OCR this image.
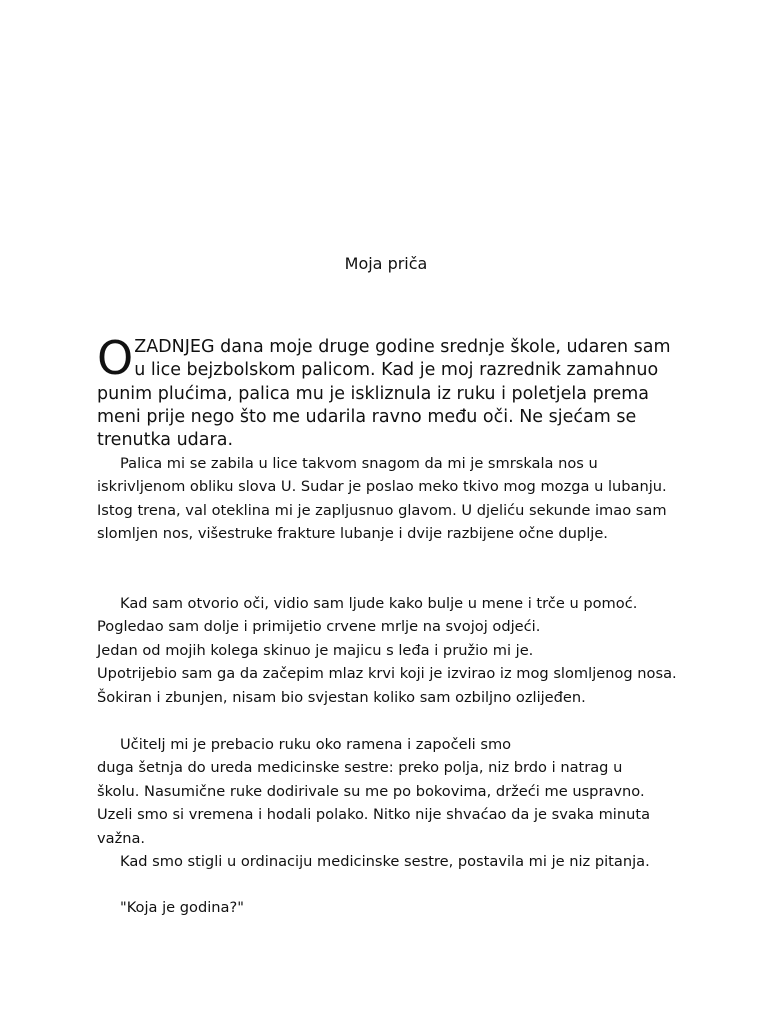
Moja priča
OZADNJEG dana moje druge godine srednje škole, udaren sam u lice bejzbolskom palicom. Kad je moj razrednik zamahnuo punim plućima, palica mu je iskliznula iz ruku i poletjela prema meni prije nego što me udarila ravno među oči. Ne sjećam se trenutka udara.

Palica mi se zabila u lice takvom snagom da mi je smrskala nos u

iskrivljenom obliku slova U. Sudar je poslao meko tkivo mog mozga u lubanju.

Istog trena, val oteklina mi je zapljusnuo glavom. U djeliću sekunde imao sam

slomljen nos, višestruke frakture lubanje i dvije razbijene očne duplje.

Kad sam otvorio oči, vidio sam ljude kako bulje u mene i trče u pomoć.

Pogledao sam dolje i primijetio crvene mrlje na svojoj odjeći.

Jedan od mojih kolega skinuo je majicu s leđa i pružio mi je.

Upotrijebio sam ga da začepim mlaz krvi koji je izvirao iz mog slomljenog nosa.

Šokiran i zbunjen, nisam bio svjestan koliko sam ozbiljno ozlijeđen.

Učitelj mi je prebacio ruku oko ramena i započeli smo

duga šetnja do ureda medicinske sestre: preko polja, niz brdo i natrag u

školu. Nasumične ruke dodirivale su me po bokovima, držeći me uspravno.

Uzeli smo si vremena i hodali polako. Nitko nije shvaćao da je svaka minuta

važna.

Kad smo stigli u ordinaciju medicinske sestre, postavila mi je niz pitanja.

"Koja je godina?"
